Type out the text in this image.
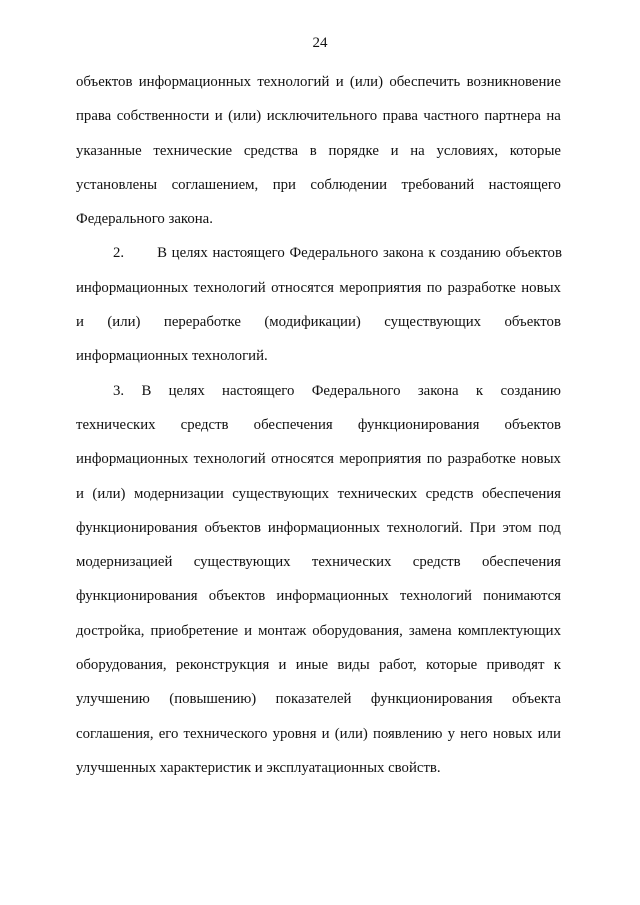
24
объектов информационных технологий и (или) обеспечить возникновение
права собственности и (или) исключительного права частного партнера на
указанные технические средства в порядке и на условиях, которые
установлены соглашением, при соблюдении требований настоящего
Федерального закона.
2. В целях настоящего Федерального закона к созданию объектов
информационных технологий относятся мероприятия по разработке новых
и (или) переработке (модификации) существующих объектов
информационных технологий.
3. В целях настоящего Федерального закона к созданию
технических средств обеспечения функционирования объектов
информационных технологий относятся мероприятия по разработке новых
и (или) модернизации существующих технических средств обеспечения
функционирования объектов информационных технологий. При этом под
модернизацией существующих технических средств обеспечения
функционирования объектов информационных технологий понимаются
достройка, приобретение и монтаж оборудования, замена комплектующих
оборудования, реконструкция и иные виды работ, которые приводят к
улучшению (повышению) показателей функционирования объекта
соглашения, его технического уровня и (или) появлению у него новых или
улучшенных характеристик и эксплуатационных свойств.
